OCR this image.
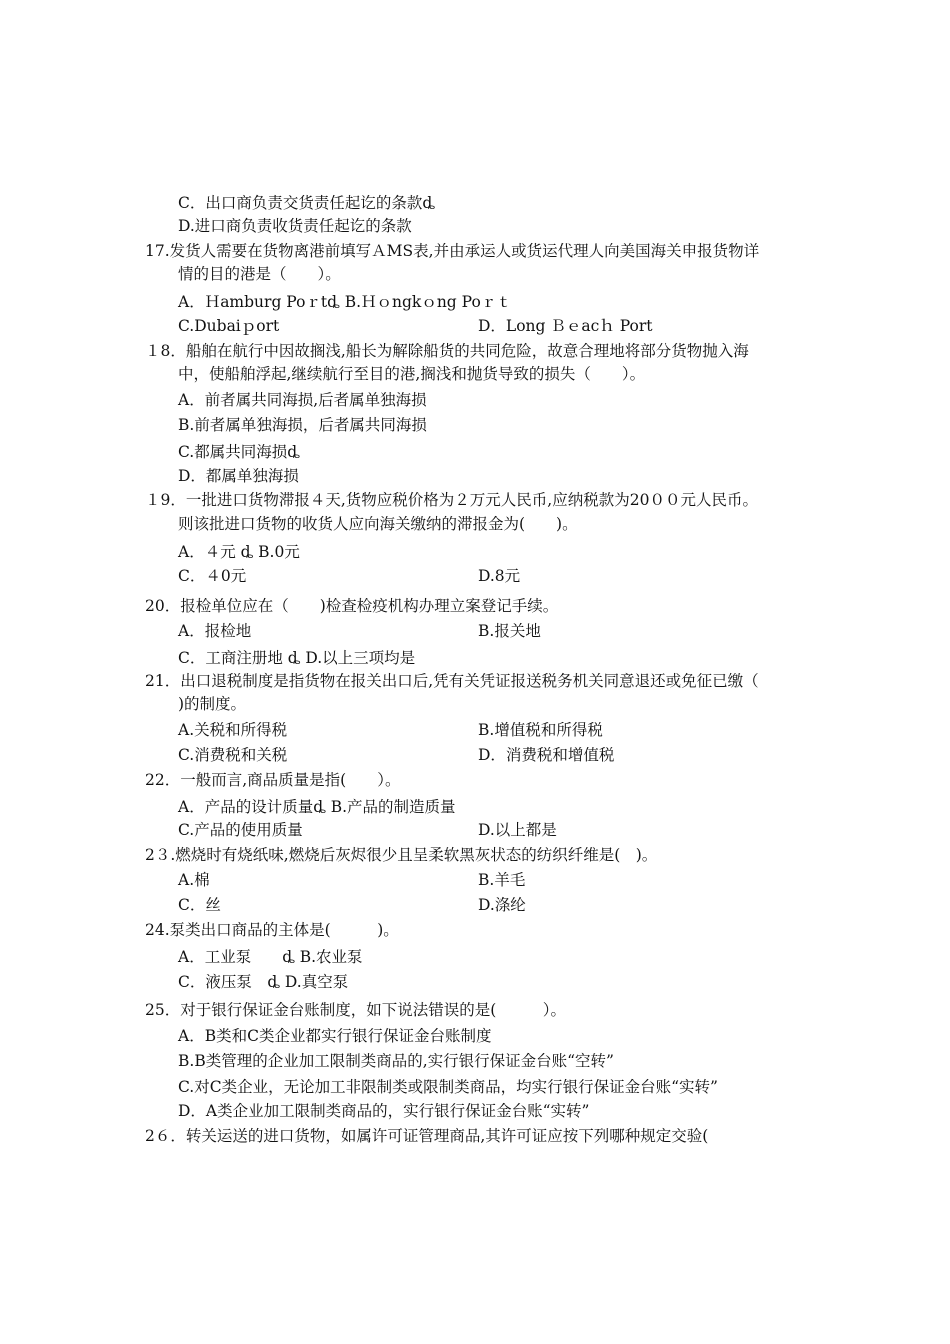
C．出口商负责交货责任起讫的条款ȡ
D.进口商负责收货责任起讫的条款
17.发货人需要在货物离港前填写ＡMS表,并由承运人或货运代理人向美国海关申报货物详
情的目的港是（　　）。
A．Ｈamburg Poｒtȡ B.Ｈｏngkｏng Poｒｔ
C.Dubaiｐort	D．Long Ｂｅacｈ Port
１8．船舶在航行中因故搁浅,船长为解除船货的共同危险，故意合理地将部分货物抛入海
中，使船舶浮起,继续航行至目的港,搁浅和抛货导致的损失（　　）。
A．前者属共同海损,后者属单独海损
B.前者属单独海损，后者属共同海损
C.都属共同海损ȡ
D．都属单独海损
１9．一批进口货物滞报４天,货物应税价格为２万元人民币,应纳税款为20００元人民币。
则该批进口货物的收货人应向海关缴纳的滞报金为(　　)。
A．４元 ȡ B.0元
C．４0元	D.8元
20．报检单位应在（　　)检查检疫机构办理立案登记手续。
A．报检地	B.报关地
C．工商注册地 ȡ D.以上三项均是
21．出口退税制度是指货物在报关出口后,凭有关凭证报送税务机关同意退还或免征已缴（
)的制度。
A.关税和所得税	B.增值税和所得税
C.消费税和关税	D．消费税和增值税
22．一般而言,商品质量是指(　　）。
A．产品的设计质量ȡ B.产品的制造质量
C.产品的使用质量	D.以上都是
2３.燃烧时有烧纸味,燃烧后灰烬很少且呈柔软黑灰状态的纺织纤维是(　)。
A.棉	B.羊毛
C．丝	D.涤纶
24.泵类出口商品的主体是(　　　)。
A．工业泵　　ȡ B.农业泵
C．液压泵　ȡ D.真空泵
25．对于银行保证金台账制度，如下说法错误的是(　　　）。
A．B类和C类企业都实行银行保证金台账制度
B.B类管理的企业加工限制类商品的,实行银行保证金台账“空转”
C.对C类企业，无论加工非限制类或限制类商品，均实行银行保证金台账“实转”
D．A类企业加工限制类商品的，实行银行保证金台账“实转”
2６．转关运送的进口货物，如属许可证管理商品,其许可证应按下列哪种规定交验(
